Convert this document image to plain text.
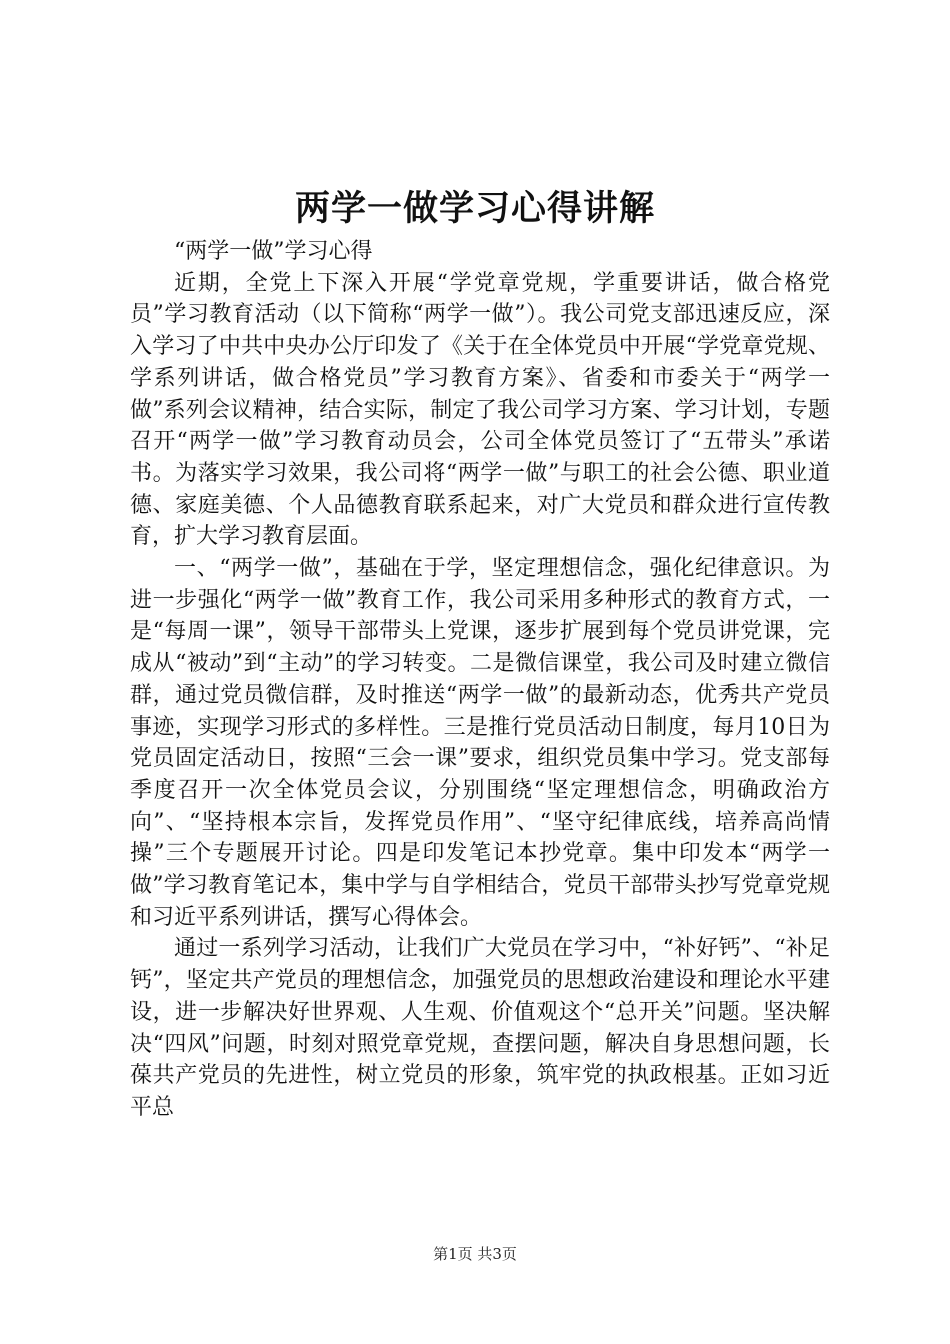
两学一做学习心得讲解

“两学一做”学习心得

近期，全党上下深入开展“学党章党规，学重要讲话，做合格党员”学习教育活动（以下简称“两学一做”）。我公司党支部迅速反应，深入学习了中共中央办公厅印发了《关于在全体党员中开展“学党章党规、学系列讲话，做合格党员”学习教育方案》、省委和市委关于“两学一做”系列会议精神，结合实际，制定了我公司学习方案、学习计划，专题召开“两学一做”学习教育动员会，公司全体党员签订了“五带头”承诺书。为落实学习效果，我公司将“两学一做”与职工的社会公德、职业道德、家庭美德、个人品德教育联系起来，对广大党员和群众进行宣传教育，扩大学习教育层面。

一、“两学一做”，基础在于学，坚定理想信念，强化纪律意识。为进一步强化“两学一做”教育工作，我公司采用多种形式的教育方式，一是“每周一课”，领导干部带头上党课，逐步扩展到每个党员讲党课，完成从“被动”到“主动”的学习转变。二是微信课堂，我公司及时建立微信群，通过党员微信群，及时推送“两学一做”的最新动态，优秀共产党员事迹，实现学习形式的多样性。三是推行党员活动日制度，每月10日为党员固定活动日，按照“三会一课”要求，组织党员集中学习。党支部每季度召开一次全体党员会议，分别围绕“坚定理想信念，明确政治方向”、“坚持根本宗旨，发挥党员作用”、“坚守纪律底线，培养高尚情操”三个专题展开讨论。四是印发笔记本抄党章。集中印发本“两学一做”学习教育笔记本，集中学与自学相结合，党员干部带头抄写党章党规和习近平系列讲话，撰写心得体会。

通过一系列学习活动，让我们广大党员在学习中，“补好钙”、“补足钙”，坚定共产党员的理想信念，加强党员的思想政治建设和理论水平建设，进一步解决好世界观、人生观、价值观这个“总开关”问题。坚决解决“四风”问题，时刻对照党章党规，查摆问题，解决自身思想问题，长葆共产党员的先进性，树立党员的形象，筑牢党的执政根基。正如习近平总

第1页 共3页
